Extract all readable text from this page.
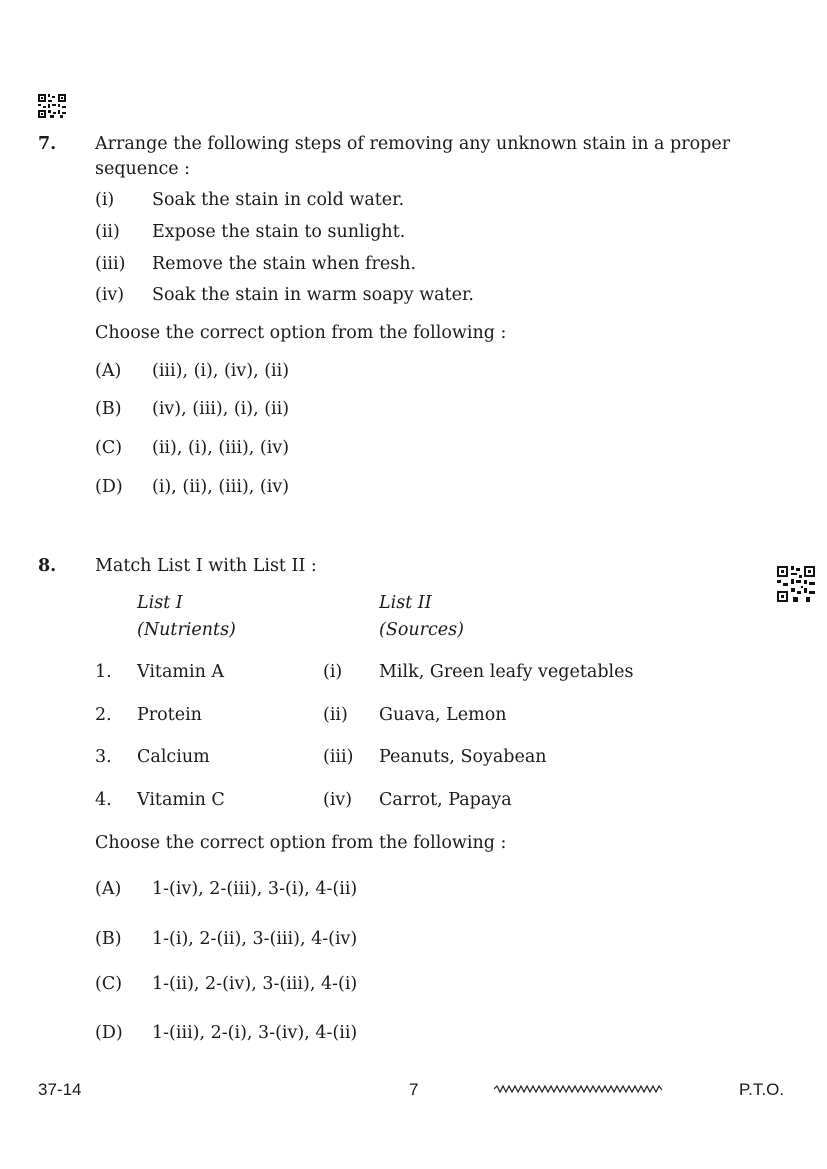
7. Arrange the following steps of removing any unknown stain in a proper
sequence :
(i) Soak the stain in cold water.
(ii) Expose the stain to sunlight.
(iii) Remove the stain when fresh.
(iv) Soak the stain in warm soapy water.
Choose the correct option from the following :
(A) (iii), (i), (iv), (ii)
(B) (iv), (iii), (i), (ii)
(C) (ii), (i), (iii), (iv)
(D) (i), (ii), (iii), (iv)
8. Match List I with List II :
List I
(Nutrients)
List II
(Sources)
1. Vitamin A	(i) Milk, Green leafy vegetables
2. Protein	(ii) Guava, Lemon
3. Calcium	(iii) Peanuts, Soyabean
4. Vitamin C	(iv) Carrot, Papaya
Choose the correct option from the following :
(A) 1-(iv), 2-(iii), 3-(i), 4-(ii)
(B) 1-(i), 2-(ii), 3-(iii), 4-(iv)
(C) 1-(ii), 2-(iv), 3-(iii), 4-(i)
(D) 1-(iii), 2-(i), 3-(iv), 4-(ii)
37-14	7	P.T.O.
